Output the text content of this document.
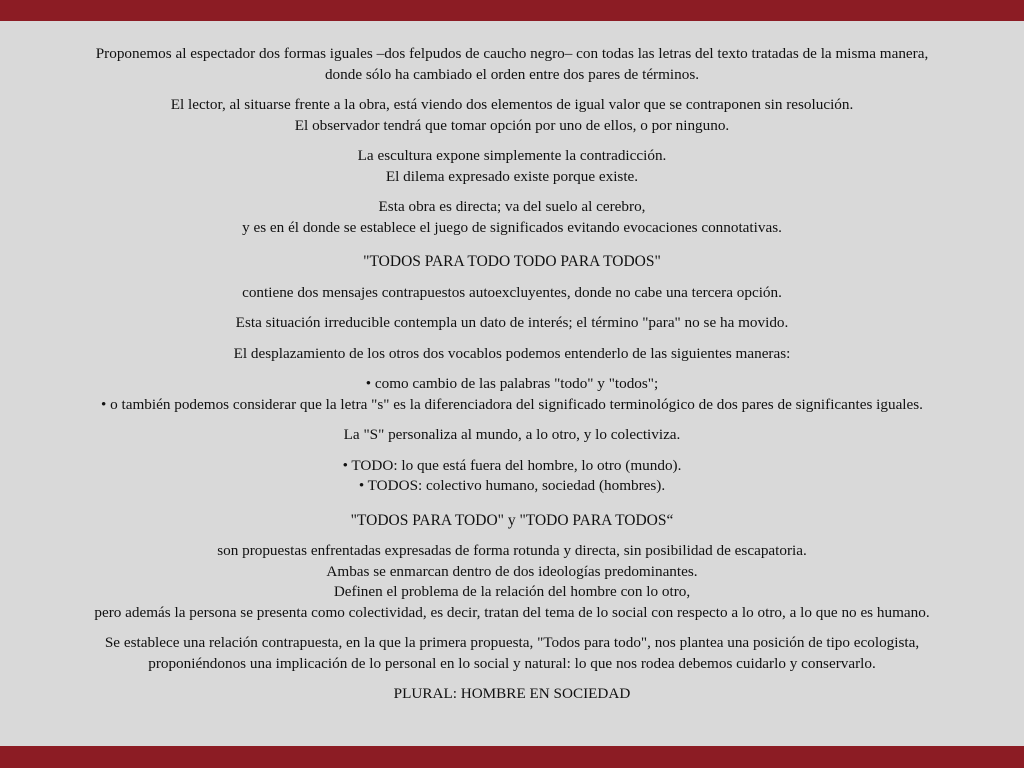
Proponemos al espectador dos formas iguales –dos felpudos de caucho negro– con todas las letras del texto tratadas de la misma manera,
donde sólo ha cambiado el orden entre dos pares de términos.
El lector, al situarse frente a la obra, está viendo dos elementos de igual valor que se contraponen sin resolución.
El observador tendrá que tomar opción por uno de ellos, o por ninguno.
La escultura expone simplemente la contradicción.
El dilema expresado existe porque existe.
Esta obra es directa; va del suelo al cerebro,
y es en él donde se establece el juego de significados evitando evocaciones connotativas.
"TODOS PARA TODO TODO PARA TODOS"
contiene dos mensajes contrapuestos autoexcluyentes, donde no cabe una tercera opción.
Esta situación irreducible contempla un dato de interés; el término "para" no se ha movido.
El desplazamiento de los otros dos vocablos podemos entenderlo de las siguientes maneras:
• como cambio de las palabras "todo" y "todos";
• o también podemos considerar que la letra "s" es la diferenciadora del significado terminológico de dos pares de significantes iguales.
La "S" personaliza al mundo, a lo otro, y lo colectiviza.
• TODO: lo que está fuera del hombre, lo otro (mundo).
• TODOS: colectivo humano, sociedad (hombres).
"TODOS PARA TODO" y "TODO PARA TODOS“
son propuestas enfrentadas expresadas de forma rotunda y directa, sin posibilidad de escapatoria.
Ambas se enmarcan dentro de dos ideologías predominantes.
Definen el problema de la relación del hombre con lo otro,
pero además la persona se presenta como colectividad, es decir, tratan del tema de lo social con respecto a lo otro, a lo que no es humano.
Se establece una relación contrapuesta, en la que la primera propuesta, "Todos para todo", nos plantea una posición de tipo ecologista,
proponiéndonos una implicación de lo personal en lo social y natural: lo que nos rodea debemos cuidarlo y conservarlo.
PLURAL: HOMBRE EN SOCIEDAD
